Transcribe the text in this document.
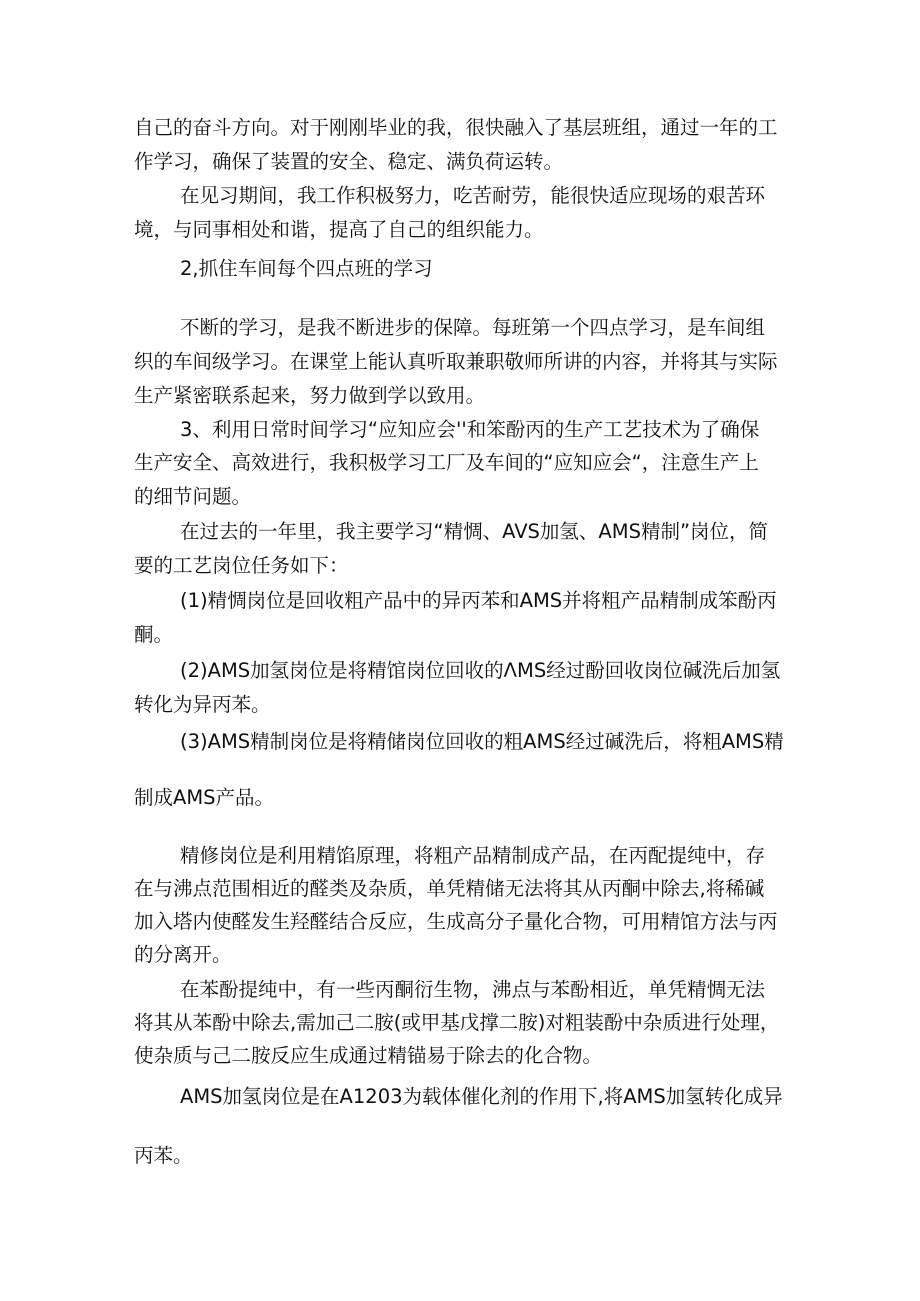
自己的奋斗方向。对于刚刚毕业的我，很快融入了基层班组，通过一年的工
作学习，确保了装置的安全、稳定、满负荷运转。
在见习期间，我工作积极努力，吃苦耐劳，能很快适应现场的艰苦环
境，与同事相处和谐，提高了自己的组织能力。
2,抓住车间每个四点班的学习
不断的学习，是我不断进步的保障。每班第一个四点学习，是车间组
织的车间级学习。在课堂上能认真听取兼职敬师所讲的内容，并将其与实际
生产紧密联系起来，努力做到学以致用。
3、利用日常时间学习“应知应会''和笨酚丙的生产工艺技术为了确保
生产安全、高效进行，我积极学习工厂及车间的“应知应会“，注意生产上
的细节问题。
在过去的一年里，我主要学习“精惆、AVS加氢、AMS精制”岗位，简
要的工艺岗位任务如下：
(1)精惆岗位是回收粗产品中的异丙苯和AMS并将粗产品精制成笨酚丙
酮。
(2)AMS加氢岗位是将精馆岗位回收的ΛMS经过酚回收岗位碱洗后加氢
转化为异丙苯。
(3)AMS精制岗位是将精储岗位回收的粗AMS经过碱洗后，将粗AMS精
制成AMS产品。
精修岗位是利用精馅原理，将粗产品精制成产品，在丙配提纯中，存
在与沸点范围相近的醛类及杂质，单凭精储无法将其从丙酮中除去,将稀碱
加入塔内使醛发生羟醛结合反应，生成高分子量化合物，可用精馆方法与丙
的分离开。
在苯酚提纯中，有一些丙酮衍生物，沸点与苯酚相近，单凭精惆无法
将其从苯酚中除去,需加己二胺(或甲基戊撑二胺)对粗装酚中杂质进行处理，
使杂质与己二胺反应生成通过精锚易于除去的化合物。
AMS加氢岗位是在A1203为载体催化剂的作用下,将AMS加氢转化成异
丙苯。
